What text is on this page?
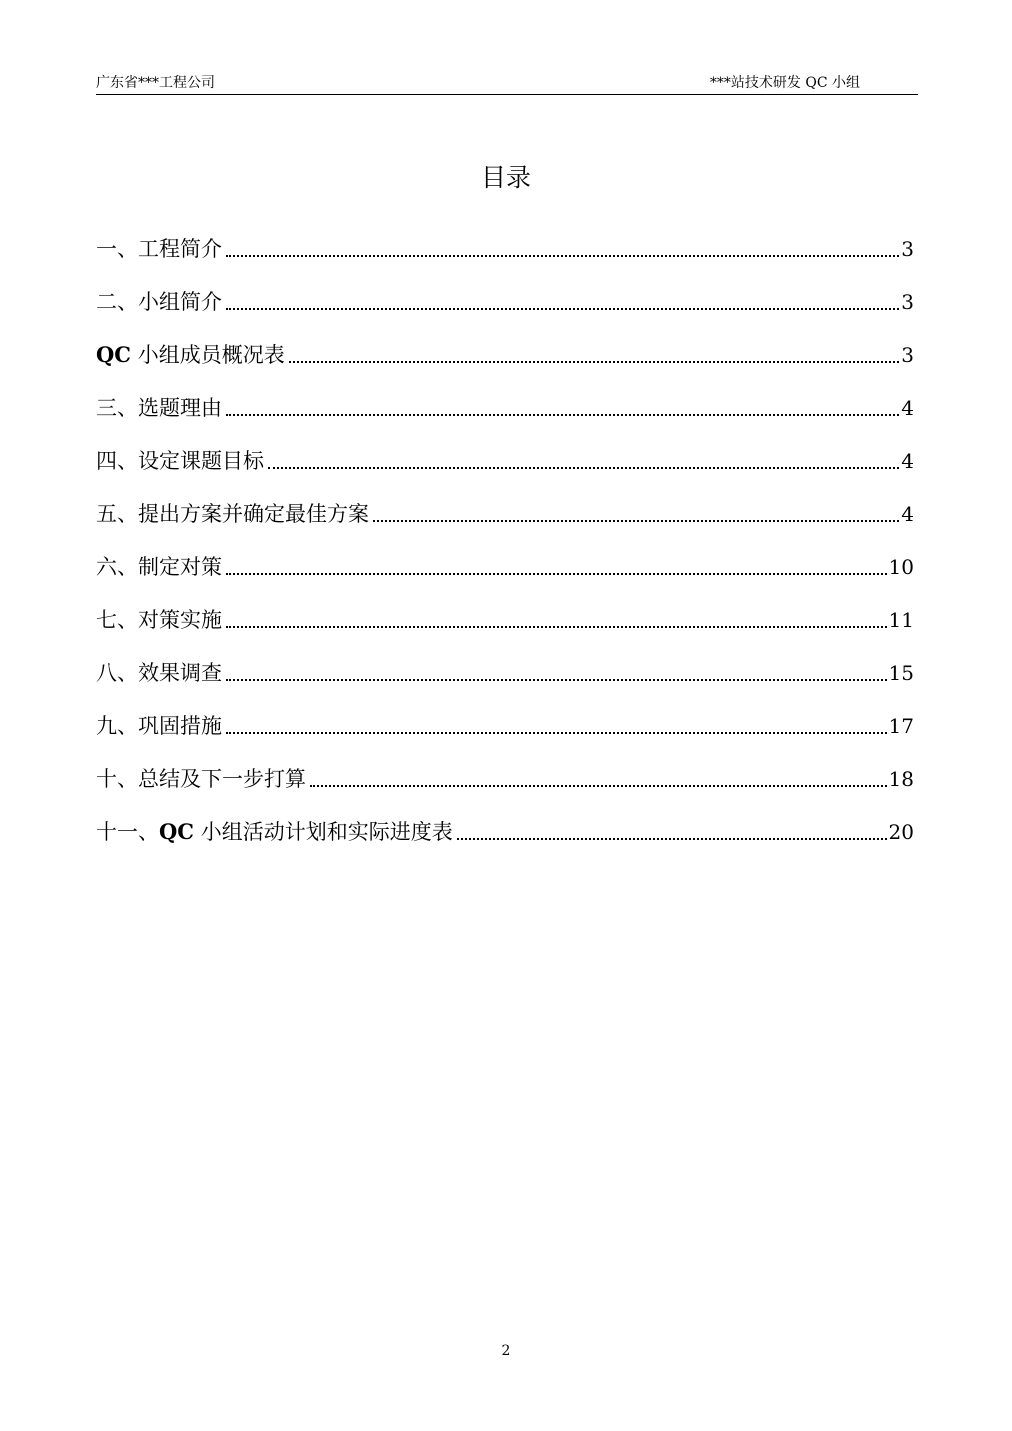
广东省***工程公司	***站技术研发 QC 小组
目录
一、工程简介	3
二、小组简介	3
QC 小组成员概况表	3
三、选题理由	4
四、设定课题目标	4
五、提出方案并确定最佳方案	4
六、制定对策	10
七、对策实施	11
八、效果调查	15
九、巩固措施	17
十、总结及下一步打算	18
十一、QC 小组活动计划和实际进度表	20
2
